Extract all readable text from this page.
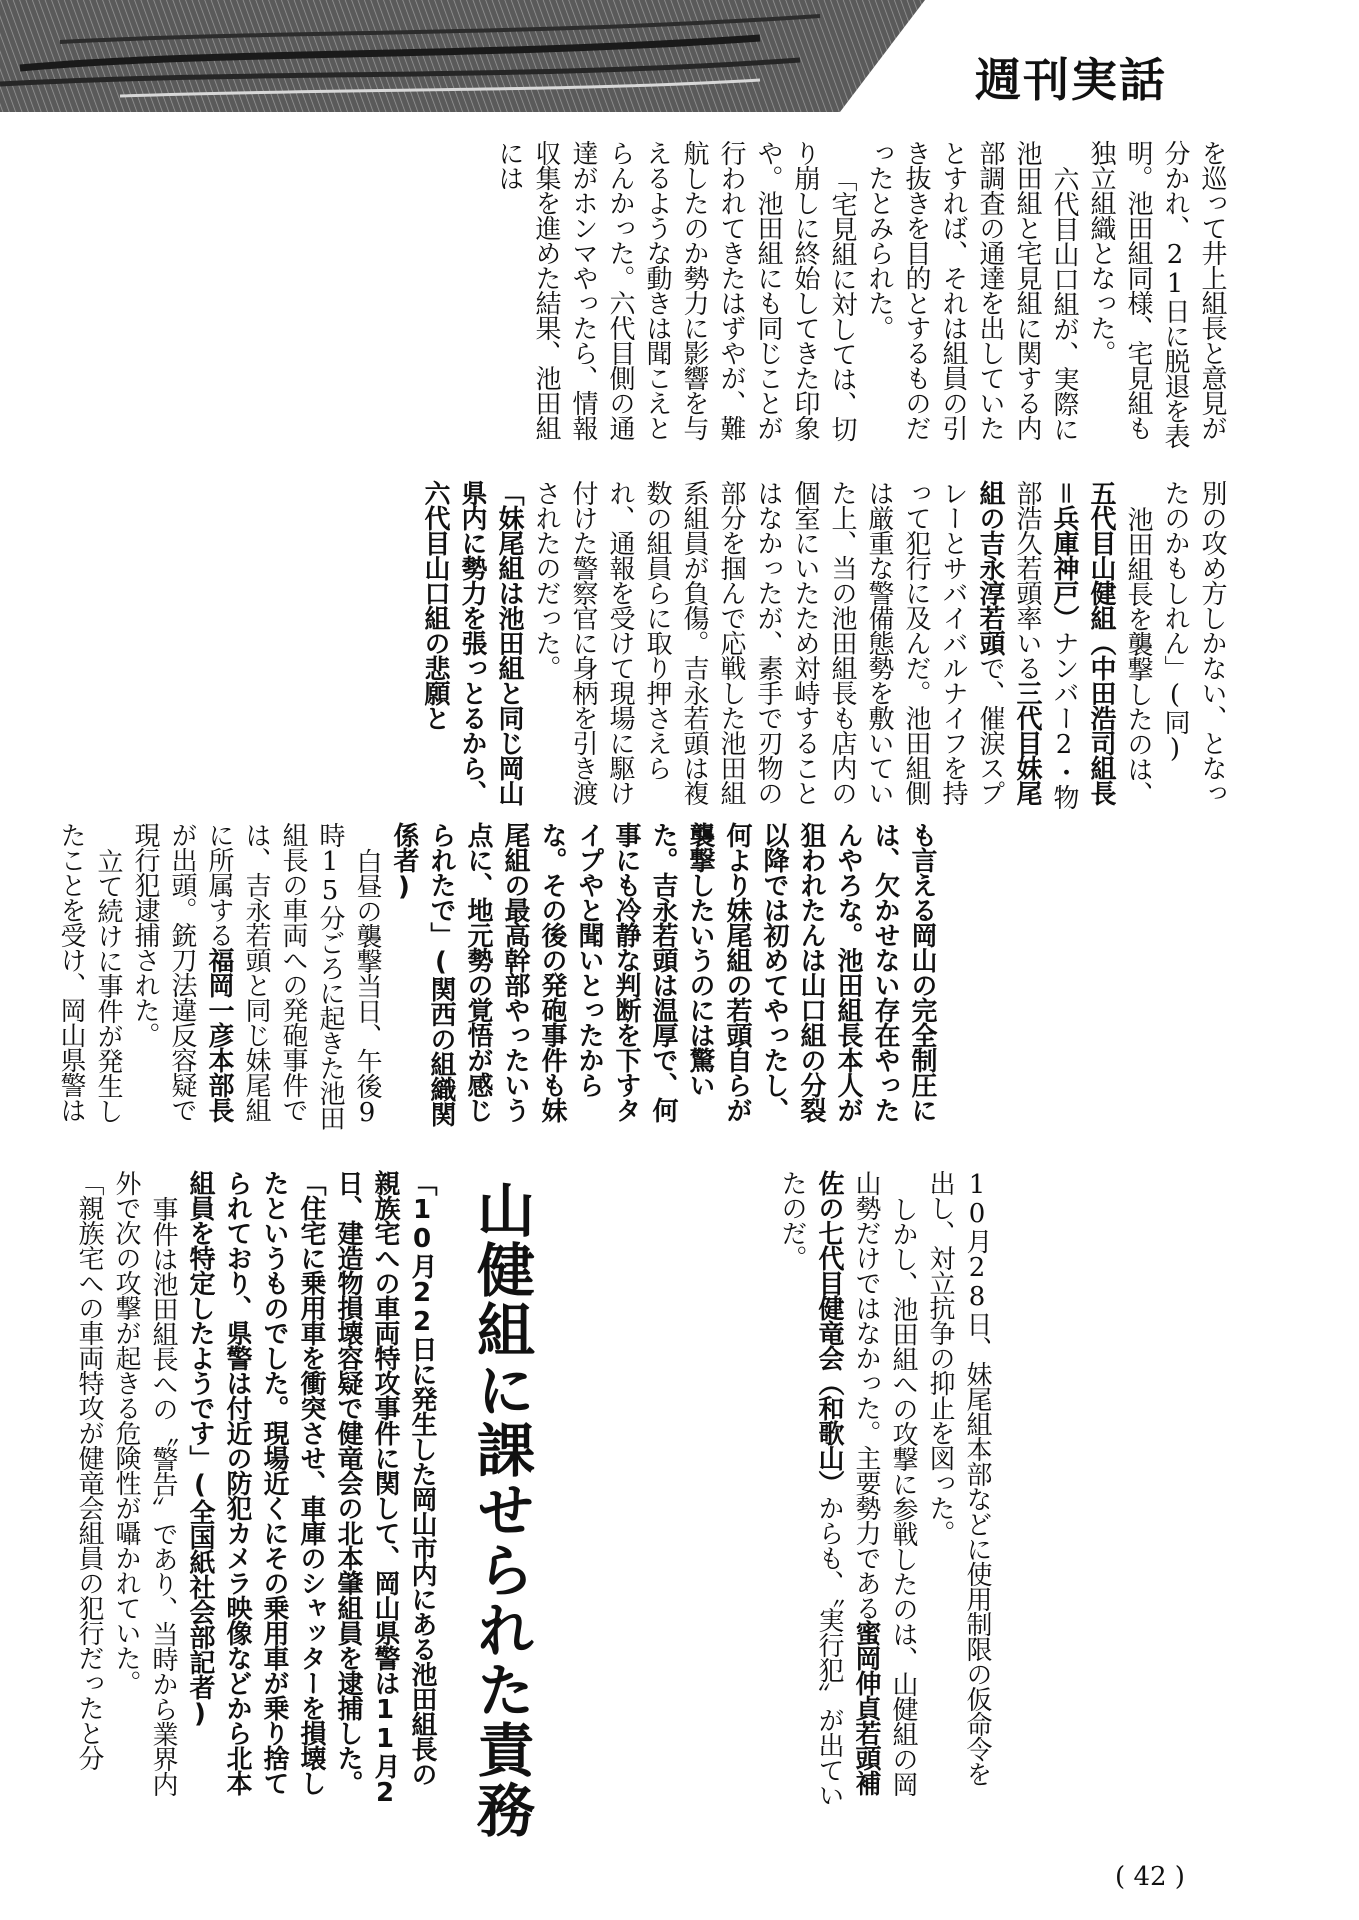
週刊実話

を巡って井上組長と意見が分かれ、21日に脱退を表明。池田組同様、宅見組も独立組織となった。

六代目山口組が、実際に池田組と宅見組に関する内部調査の通達を出していたとすれば、それは組員の引き抜きを目的とするものだったとみられた。

「宅見組に対しては、切り崩しに終始してきた印象や。池田組にも同じことが行われてきたはずやが、難航したのか勢力に影響を与えるような動きは聞こえとらんかった。六代目側の通達がホンマやったら、情報収集を進めた結果、池田組には

別の攻め方しかない、となったのかもしれん」(同)

池田組長を襲撃したのは、五代目山健組（中田浩司組長＝兵庫神戸）ナンバー2・物部浩久若頭率いる三代目妹尾組の吉永淳若頭で、催涙スプレーとサバイバルナイフを持って犯行に及んだ。池田組側は厳重な警備態勢を敷いていた上、当の池田組長も店内の個室にいたため対峙することはなかったが、素手で刃物の部分を掴んで応戦した池田組系組員が負傷。吉永若頭は複数の組員らに取り押さえられ、通報を受けて現場に駆け付けた警察官に身柄を引き渡されたのだった。

「妹尾組は池田組と同じ岡山県内に勢力を張っとるから、六代目山口組の悲願と

も言える岡山の完全制圧には、欠かせない存在やったんやろな。池田組長本人が狙われたんは山口組の分裂以降では初めてやったし、何より妹尾組の若頭自らが襲撃したいうのには驚いた。吉永若頭は温厚で、何事にも冷静な判断を下すタイプやと聞いとったからな。その後の発砲事件も妹尾組の最高幹部やったいう点に、地元勢の覚悟が感じられたで」(関西の組織関係者)

白昼の襲撃当日、午後9時15分ごろに起きた池田組長の車両への発砲事件では、吉永若頭と同じ妹尾組に所属する福岡一彦本部長が出頭。銃刀法違反容疑で現行犯逮捕された。

立て続けに事件が発生したことを受け、岡山県警は

10月28日、妹尾組本部などに使用制限の仮命令を出し、対立抗争の抑止を図った。

しかし、池田組への攻撃に参戦したのは、山健組の岡山勢だけではなかった。主要勢力である蜜岡伸貞若頭補佐の七代目健竜会（和歌山）からも、〝実行犯〟が出ていたのだ。

山健組に課せられた責務

「10月22日に発生した岡山市内にある池田組長の親族宅への車両特攻事件に関して、岡山県警は11月2日、建造物損壊容疑で健竜会の北本肇組員を逮捕した。「住宅に乗用車を衝突させ、車庫のシャッターを損壊したというものでした。現場近くにその乗用車が乗り捨てられており、県警は付近の防犯カメラ映像などから北本組員を特定したようです」(全国紙社会部記者)

事件は池田組長への〝警告〟であり、当時から業界内外で次の攻撃が起きる危険性が囁かれていた。

「親族宅への車両特攻が健竜会組員の犯行だったと分

( 42 )
